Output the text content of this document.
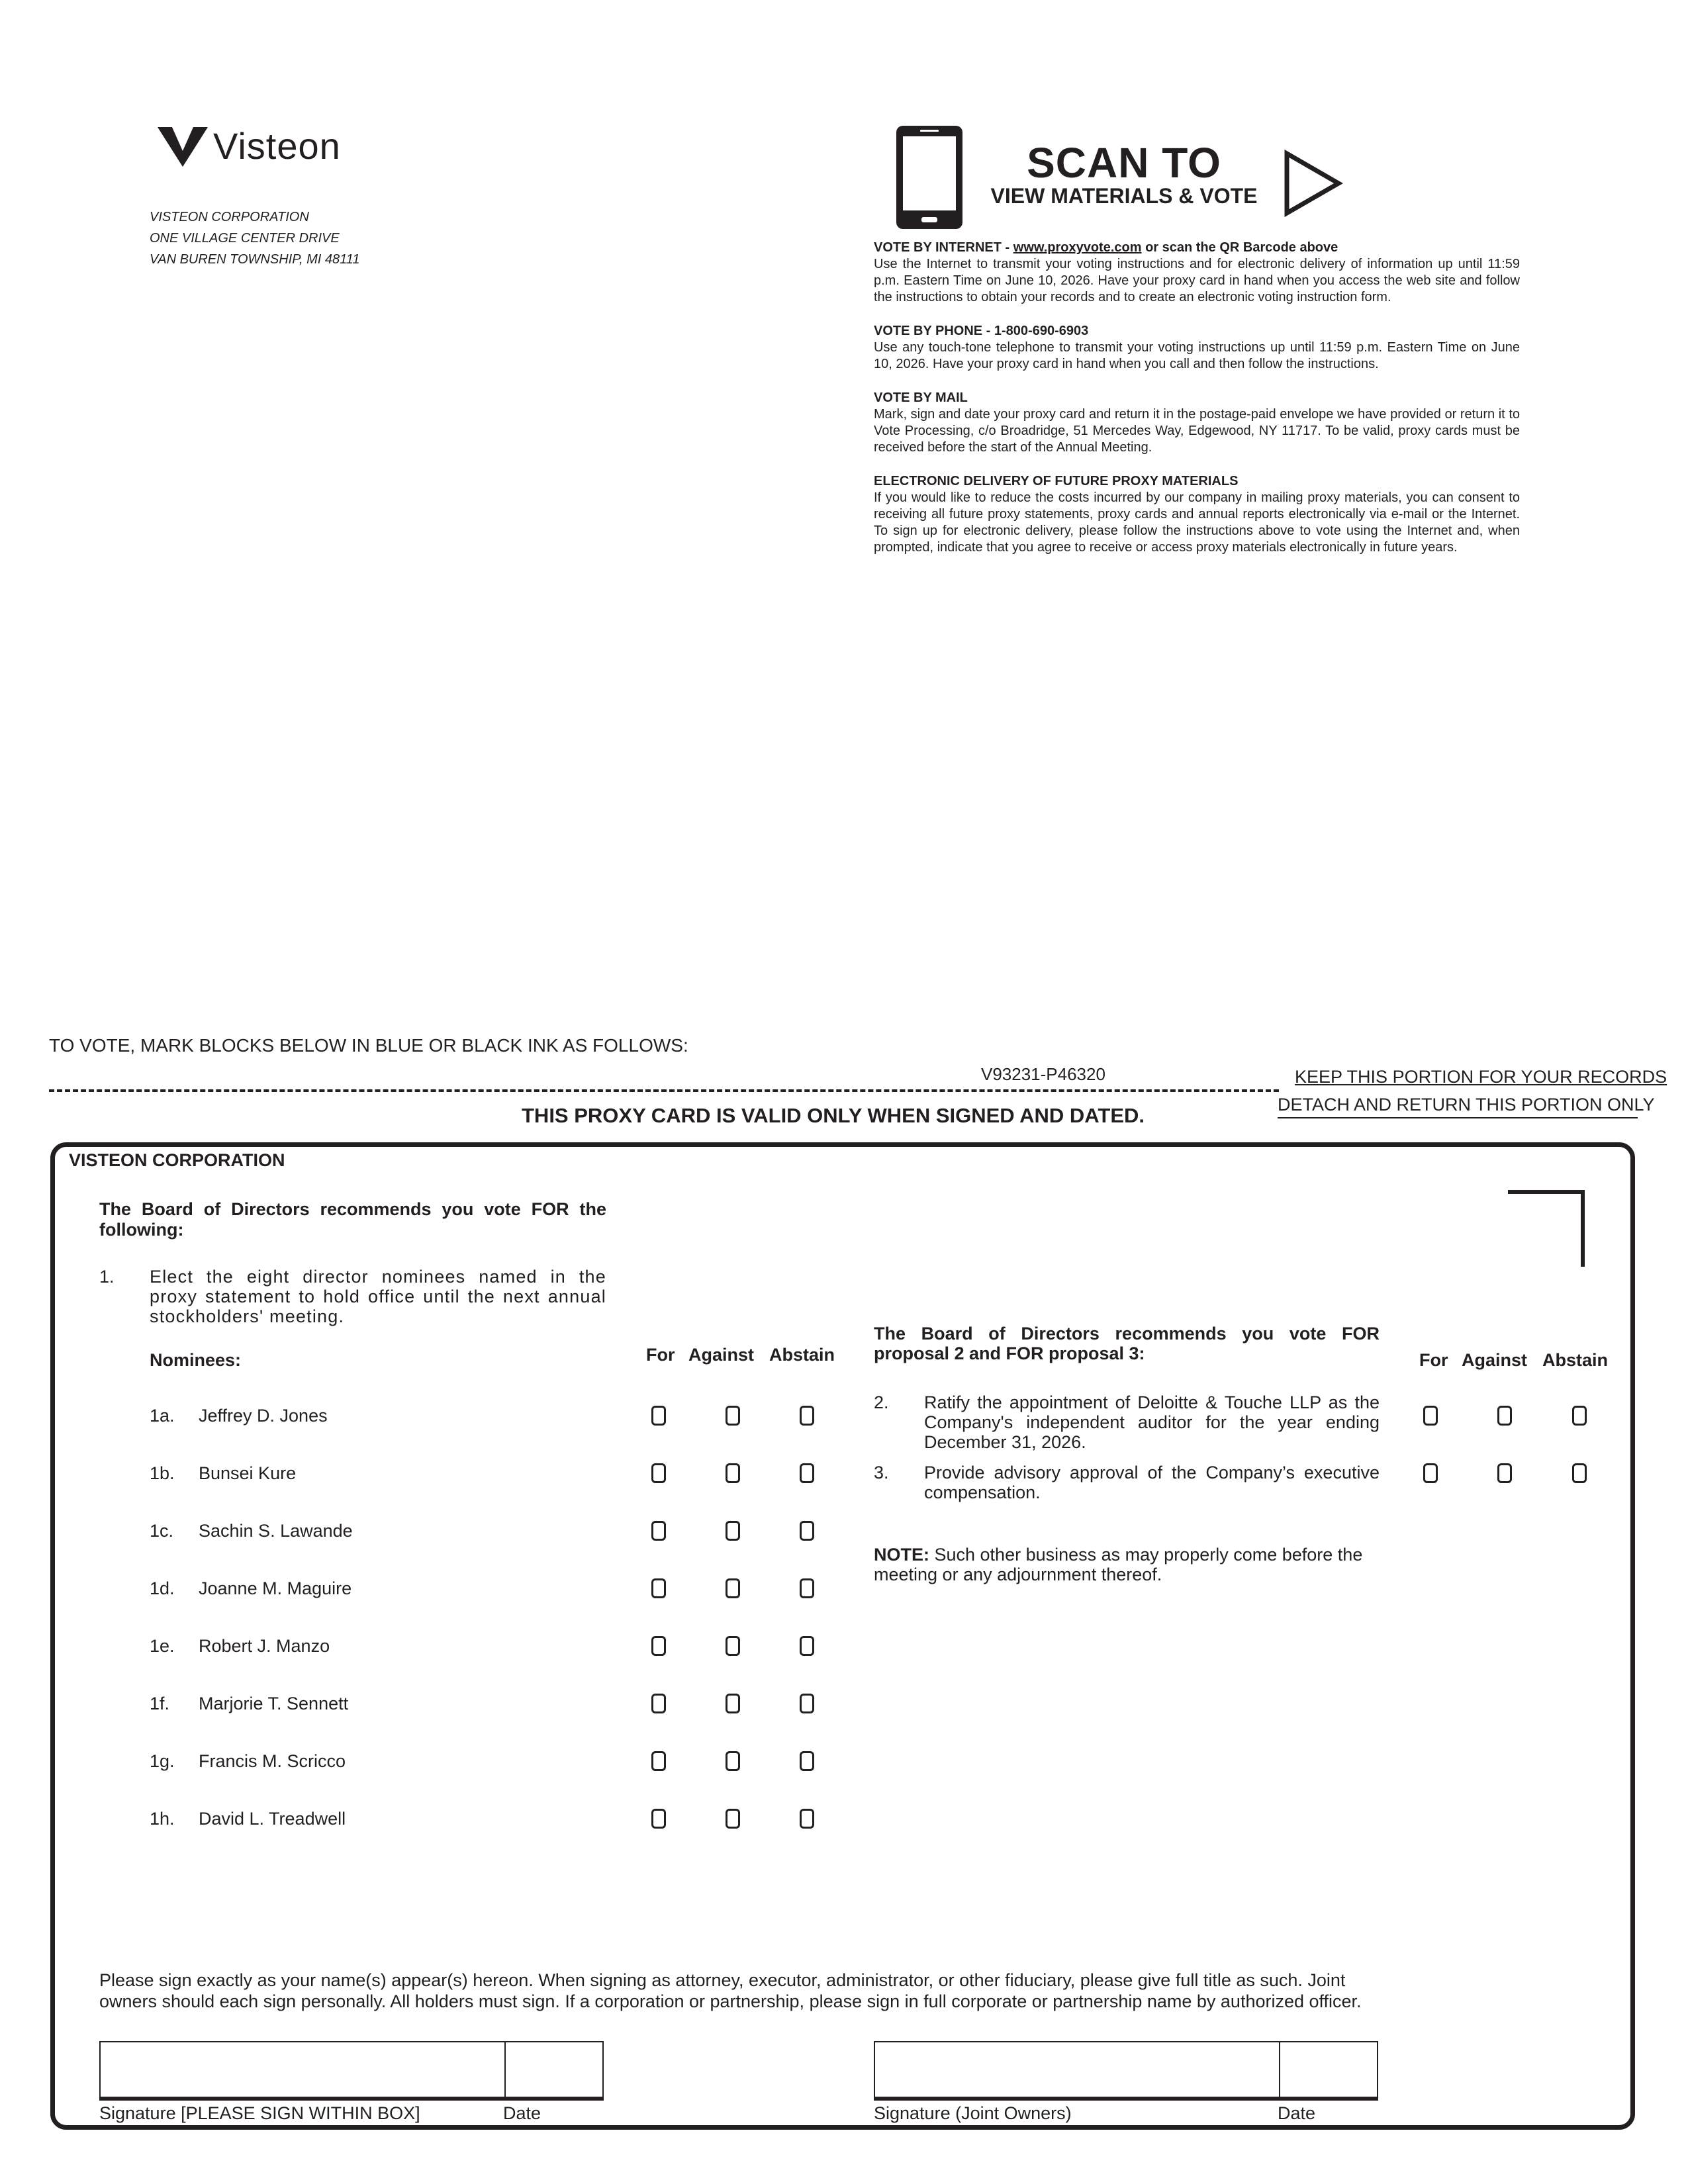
Visteon
VISTEON CORPORATION
ONE VILLAGE CENTER DRIVE
VAN BUREN TOWNSHIP, MI 48111
SCAN TO
VIEW MATERIALS & VOTE

VOTE BY INTERNET - www.proxyvote.com or scan the QR Barcode above
Use the Internet to transmit your voting instructions and for electronic delivery of information up until 11:59 p.m. Eastern Time on June 10, 2026. Have your proxy card in hand when you access the web site and follow the instructions to obtain your records and to create an electronic voting instruction form.

VOTE BY PHONE - 1-800-690-6903
Use any touch-tone telephone to transmit your voting instructions up until 11:59 p.m. Eastern Time on June 10, 2026. Have your proxy card in hand when you call and then follow the instructions.

VOTE BY MAIL
Mark, sign and date your proxy card and return it in the postage-paid envelope we have provided or return it to Vote Processing, c/o Broadridge, 51 Mercedes Way, Edgewood, NY 11717. To be valid, proxy cards must be received before the start of the Annual Meeting.

ELECTRONIC DELIVERY OF FUTURE PROXY MATERIALS
If you would like to reduce the costs incurred by our company in mailing proxy materials, you can consent to receiving all future proxy statements, proxy cards and annual reports electronically via e-mail or the Internet. To sign up for electronic delivery, please follow the instructions above to vote using the Internet and, when prompted, indicate that you agree to receive or access proxy materials electronically in future years.

TO VOTE, MARK BLOCKS BELOW IN BLUE OR BLACK INK AS FOLLOWS:
V93231-P46320	KEEP THIS PORTION FOR YOUR RECORDS
DETACH AND RETURN THIS PORTION ONLY
THIS PROXY CARD IS VALID ONLY WHEN SIGNED AND DATED.
VISTEON CORPORATION
The Board of Directors recommends you vote FOR the following:
1. Elect the eight director nominees named in the proxy statement to hold office until the next annual stockholders' meeting.
Nominees:	For Against Abstain
1a. Jeffrey D. Jones
1b. Bunsei Kure
1c. Sachin S. Lawande
1d. Joanne M. Maguire
1e. Robert J. Manzo
1f. Marjorie T. Sennett
1g. Francis M. Scricco
1h. David L. Treadwell
The Board of Directors recommends you vote FOR proposal 2 and FOR proposal 3:	For Against Abstain
2. Ratify the appointment of Deloitte & Touche LLP as the Company's independent auditor for the year ending December 31, 2026.
3. Provide advisory approval of the Company’s executive compensation.
NOTE: Such other business as may properly come before the meeting or any adjournment thereof.
Please sign exactly as your name(s) appear(s) hereon. When signing as attorney, executor, administrator, or other fiduciary, please give full title as such. Joint owners should each sign personally. All holders must sign. If a corporation or partnership, please sign in full corporate or partnership name by authorized officer.
Signature [PLEASE SIGN WITHIN BOX]	Date	Signature (Joint Owners)	Date
